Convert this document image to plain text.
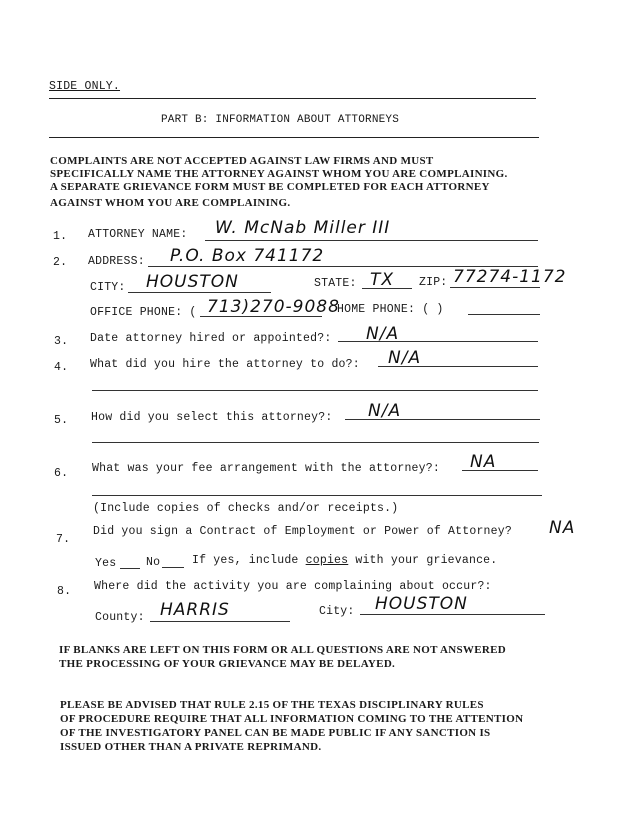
SIDE ONLY.
PART B: INFORMATION ABOUT ATTORNEYS
COMPLAINTS ARE NOT ACCEPTED AGAINST LAW FIRMS AND MUST
SPECIFICALLY NAME THE ATTORNEY AGAINST WHOM YOU ARE COMPLAINING.
A SEPARATE GRIEVANCE FORM MUST BE COMPLETED FOR EACH ATTORNEY
AGAINST WHOM YOU ARE COMPLAINING.
1. ATTORNEY NAME: W. McNab Miller III
2. ADDRESS: P.O. Box 741172
CITY: HOUSTON	STATE: TX ZIP: 77274-1172
OFFICE PHONE: ( 713)270-9088
HOME PHONE: ( )
3. Date attorney hired or appointed?: N/A
4. What did you hire the attorney to do?: N/A
5. How did you select this attorney?: N/A
6. What was your fee arrangement with the attorney?: NA
(Include copies of checks and/or receipts.)
7.
Did you sign a Contract of Employment or Power of Attorney? NA
Yes	No	If yes, include copies with your grievance.
8. Where did the activity you are complaining about occur?:
County: HARRIS	City: HOUSTON
IF BLANKS ARE LEFT ON THIS FORM OR ALL QUESTIONS ARE NOT ANSWERED
THE PROCESSING OF YOUR GRIEVANCE MAY BE DELAYED.
PLEASE BE ADVISED THAT RULE 2.15 OF THE TEXAS DISCIPLINARY RULES
OF PROCEDURE REQUIRE THAT ALL INFORMATION COMING TO THE ATTENTION
OF THE INVESTIGATORY PANEL CAN BE MADE PUBLIC IF ANY SANCTION IS
ISSUED OTHER THAN A PRIVATE REPRIMAND.
